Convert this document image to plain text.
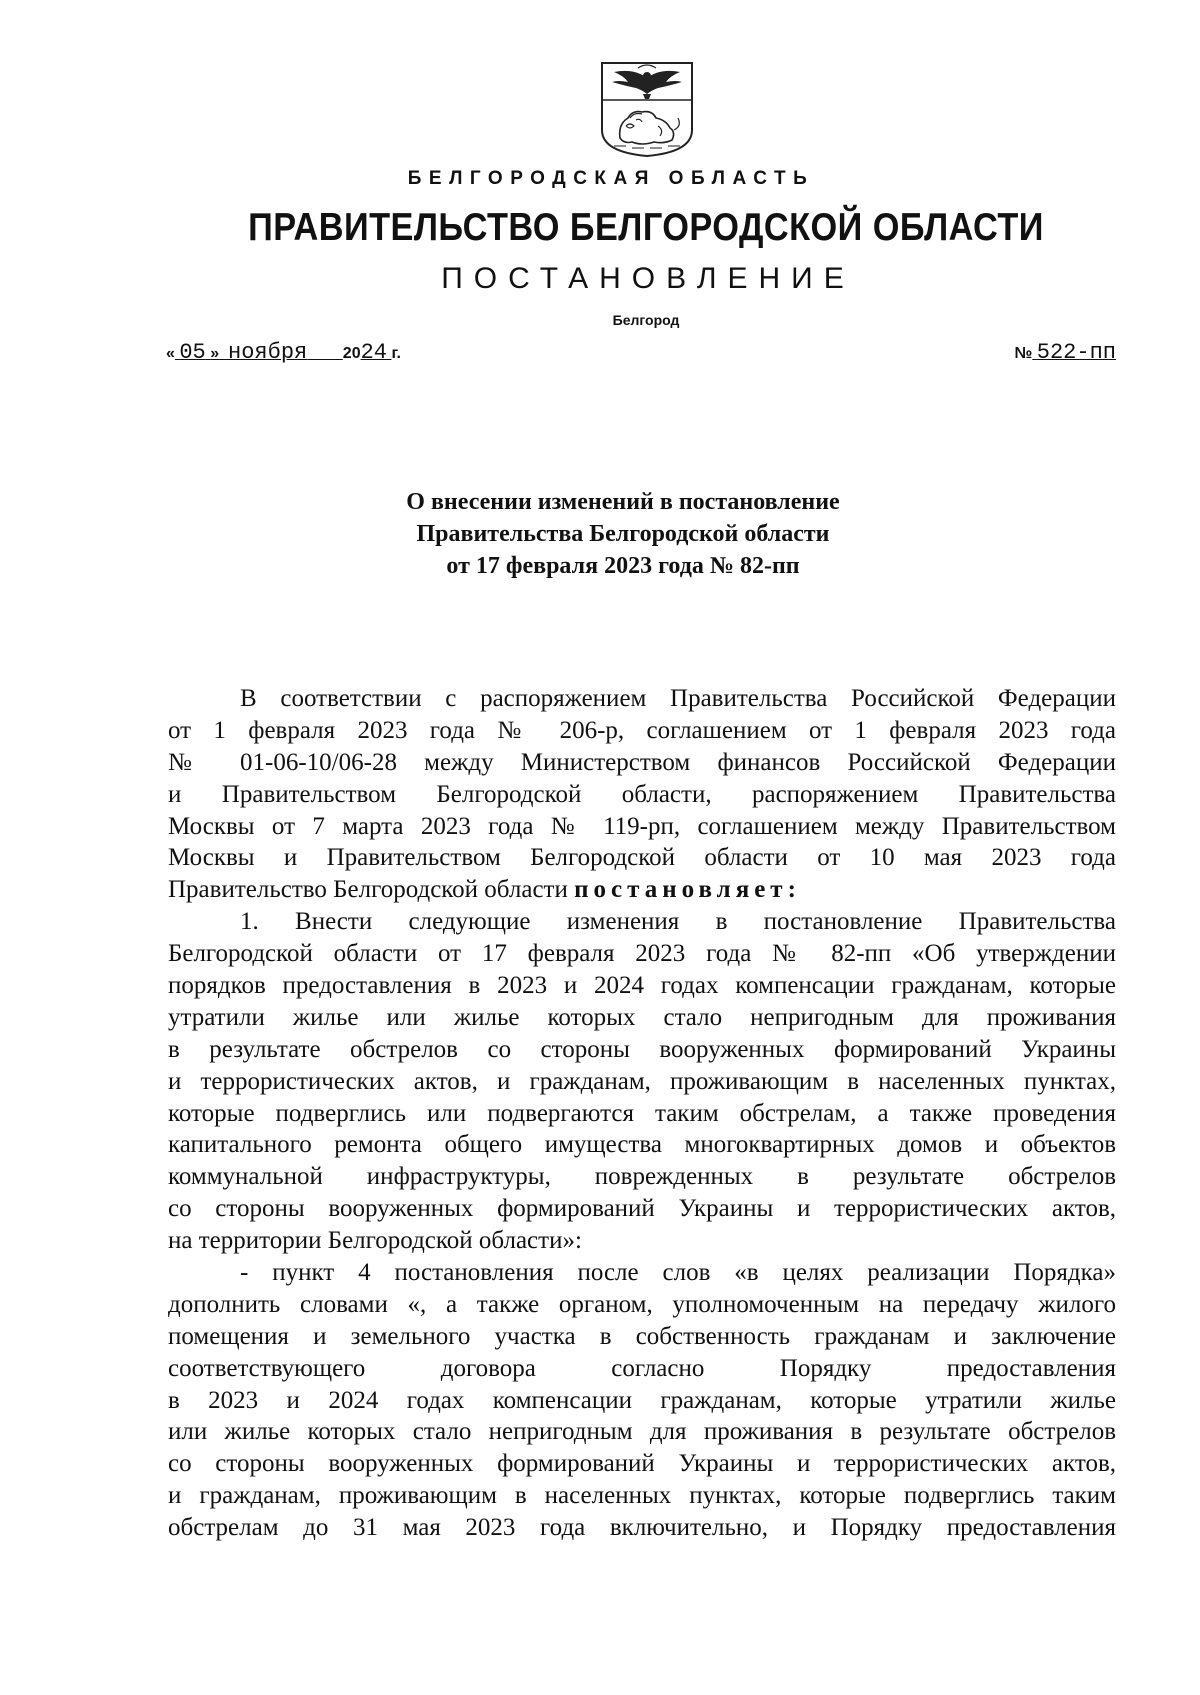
БЕЛГОРОДСКАЯ ОБЛАСТЬ
ПРАВИТЕЛЬСТВО БЕЛГОРОДСКОЙ ОБЛАСТИ
ПОСТАНОВЛЕНИЕ
Белгород
« 05 » ноября 2024 г.	№ 522-пп
О внесении изменений в постановление
Правительства Белгородской области
от 17 февраля 2023 года № 82-пп
В соответствии с распоряжением Правительства Российской Федерации
от 1 февраля 2023 года № 206-р, соглашением от 1 февраля 2023 года
№ 01-06-10/06-28 между Министерством финансов Российской Федерации
и Правительством Белгородской области, распоряжением Правительства
Москвы от 7 марта 2023 года № 119-рп, соглашением между Правительством
Москвы и Правительством Белгородской области от 10 мая 2023 года
Правительство Белгородской области постановляет:
1. Внести следующие изменения в постановление Правительства
Белгородской области от 17 февраля 2023 года № 82-пп «Об утверждении
порядков предоставления в 2023 и 2024 годах компенсации гражданам, которые
утратили жилье или жилье которых стало непригодным для проживания
в результате обстрелов со стороны вооруженных формирований Украины
и террористических актов, и гражданам, проживающим в населенных пунктах,
которые подверглись или подвергаются таким обстрелам, а также проведения
капитального ремонта общего имущества многоквартирных домов и объектов
коммунальной инфраструктуры, поврежденных в результате обстрелов
со стороны вооруженных формирований Украины и террористических актов,
на территории Белгородской области»:
- пункт 4 постановления после слов «в целях реализации Порядка»
дополнить словами «, а также органом, уполномоченным на передачу жилого
помещения и земельного участка в собственность гражданам и заключение
соответствующего договора согласно Порядку предоставления
в 2023 и 2024 годах компенсации гражданам, которые утратили жилье
или жилье которых стало непригодным для проживания в результате обстрелов
со стороны вооруженных формирований Украины и террористических актов,
и гражданам, проживающим в населенных пунктах, которые подверглись таким
обстрелам до 31 мая 2023 года включительно, и Порядку предоставления
